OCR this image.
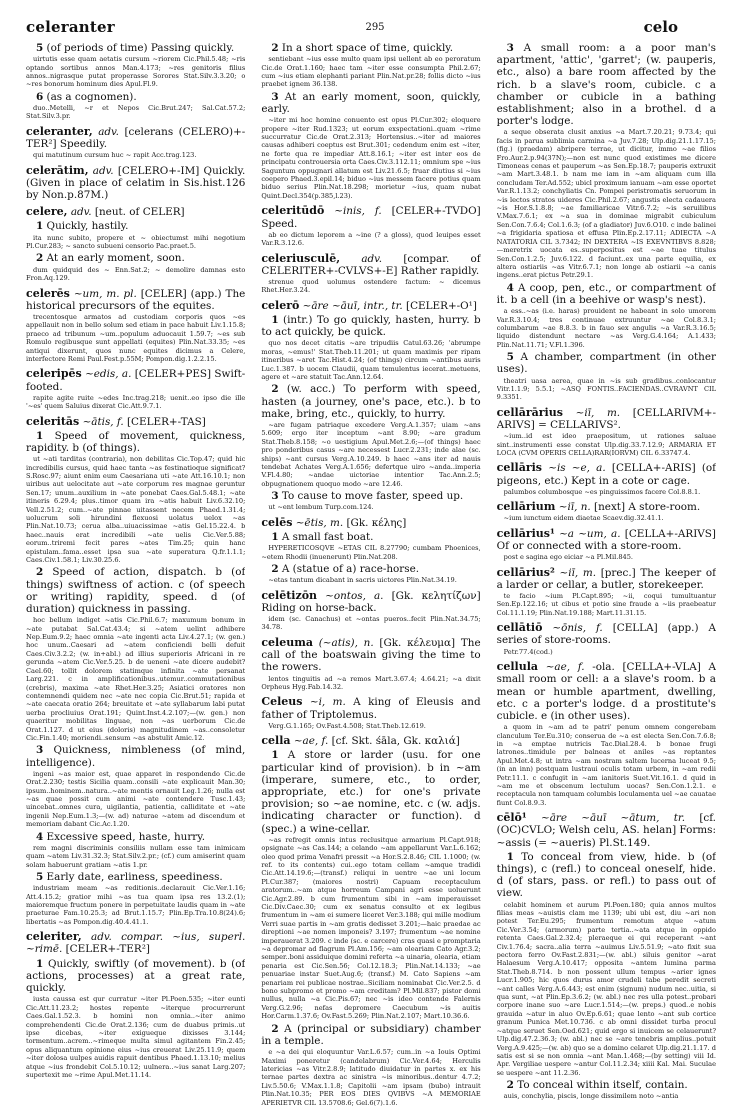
celeranter	295	celo

5 (of periods of time) Passing quickly.

uirtutis esse quam aetatis cursum ~riorem Cic.Phil.5.48; ~ris optando sortibus annos Man.4.173; ~res genitoris filius annos..nigrasque putat properasse Sorores Stat.Silv.3.3.20; o ~res bonorum hominum dies Apul.Fl.9.

6 (as a cognomen).

duo..Metelli, ~r et Nepos Cic.Brut.247; Sal.Cat.57.2; Stat.Silv.3.pr.

celeranter, adv. [celerans (CELERO)+-TER²] Speedily.

qui matutinum cursum huc ~ rapit Acc.trag.123.

celerātim, adv. [CELERO+-IM] Quickly. (Given in place of celatim in Sis.hist.126 by Non.p.87M.)

celere, adv. [neut. of CELER]

1 Quickly, hastily.

ita nunc subito, propere et ~ obiectumst mihi negotium Pl.Cur.283; ~ sancto subueni censorio Pac.praet.5.

2 At an early moment, soon.

dum quidquid des ~ Enn.Sat.2; ~ demolire damnas esto Fron.Aq.129.

celerēs ~um, m. pl. [CELER] (app.) The historical precursors of the equites.

trecentosque armatos ad custodiam corporis quos ~es appellauit non in bello solum sed etiam in pace habuit Liv.1.15.8; praeco ad tribunum ~um..populum aduocauit 1.59.7; ~es sub Romulo regibusque sunt appellati (equites) Plin.Nat.33.35; ~es antiqui dixerunt, quos nunc equites dicimus a Celere, interfectore Remi Paul.Fest.p.55M; Pompon.dig.1.2.2.15.

celeripēs ~edis, a. [CELER+PES] Swift-footed.

rapite agite ruite ~edes Inc.trag.218; uenit..eo ipso die ille '~es' quem Saluius dixerat Cic.Att.9.7.1.

celeritās ~ātis, f. [CELER+-TAS]

1 Speed of movement, quickness, rapidity. b (of things).

ut ~ati tarditas (contraria), non debilitas Cic.Top.47; quid hic incredibilis cursus, quid haec tanta ~as festinatioque significat? S.Rosc.97; aiunt enim eum Caesariana uti ~ate Att.16.10.1; non uiribus aut uelocitate aut ~ate corporum res magnae geruntur Sen.17; unum..auxilium in ~ate ponebat Caes.Gal.5.48.1; ~ate itineris 6.29.4; plus..timor quam ira ~atis habuit Liv.6.32.10; Vell.2.51.2; cum..~ate pinnae uitassent necem Phaed.1.31.4; uolucrum soli hirundini flexuosi uolatus uelox ~as Plin.Nat.10.73; ceruа alba..uiuacissimae ~atis Gel.15.22.4. b haec..nauis erat incredibili ~ate uelis Cic.Ver.5.88; eorum..triremi fecit pares ~ates Tim.25; quin hanc epistulam..fama..esset ipsa sua ~ate superatura Q.fr.1.1.1; Caes.Civ.1.58.1; Liv.30.25.6.

2 Speed of action, dispatch. b (of things) swiftness of action. c (of speech or writing) rapidity, speed. d (of duration) quickness in passing.

hoc bellum indiget ~atis Cic.Phil.6.7; maxumum bonum in ~ate putabat Sal.Cat.43.4; si ~atem uelint adhibere Nep.Eum.9.2; haec omnia ~ate ingenti acta Liv.4.27.1; (w. gen.) hoc unum..Caesari ad ~atem conficiendi belli defuit Caes.Civ.3.2.2; (w. in+abl.) ad illius superioris Africani in re gerunda ~atem Cic.Ver.5.25. b de ueneni ~ate dicere audebit? Cael.60; tollit dolorem statimque infinita ~ate persanat Larg.221. c in amplificationibus..utemur..commutationibus (crebris), maxima ~ate Rhet.Her.3.25; Asiatici oratores non contemnendi quidem nec ~ate nec copia Cic.Brut.51; rapida et ~ate caecata oratio 264; breuitate et ~ate syllabarum labi putat uerba procliuius Orat.191; Quint.Inst.4.2.107;—(w. gen.) non quaeritur mobilitas linguae, non ~as uerborum Cic.de Orat.1.127. d ut eius (doloris) magnitudinem ~as..consoletur Cic.Fin.1.40; moriendi..sensum ~as abstulit Amic.12.

3 Quickness, nimbleness (of mind, intelligence).

ingeni ~as maior est, quae apparet in respondendo Cic.de Orat.2.230; testis Sicilia quam..consili ~ate explicauit Man.30; ipsum..hominem..natura..~ate mentis ornauit Leg.1.26; nulla est ~as quae possit cum animi ~ate contendere Tusc.1.43; uincebat..omnes cura, uigilantia, patientia, calliditate et ~ate ingenii Nep.Eum.1.3;—(w. ad) naturae ~atem ad discendum et memoriam dabant Cic.Ac.1.20.

4 Excessive speed, haste, hurry.

rem magni discriminis consiliis nullam esse tam inimicam quam ~atem Liv.31.32.3; Stat.Silv.2.pr.; (cf.) cum amiserint quam solam habuerunt gratiam ~atis 1.pr.

5 Early date, earliness, speediness.

industriam meam ~as reditionis..declarauit Cic.Ver.1.16; Att.4.15.2; gratior mihi ~as tua quam ipsa res 13.2.(1); maioremque fructum ponere in perpetuitate laudis quam in ~ate praeturae Fam.10.25.3; ad Brut.1.15.7; Plin.Ep.Tra.10.8(24).6; libertatis ~as Pompon.dig.40.4.41.1.

celeriter, adv. compar. ~ius, superl. ~rimē. [CELER+-TER²]

1 Quickly, swiftly (of movement). b (of actions, processes) at a great rate, quickly.

iusta caussa est qur curratur ~iter Pl.Poen.535; ~iter eunti Cic.Att.11.23.2; hostes repente ~iterque procurrerunt Caes.Gal.1.52.3. b homini non omnia..~iter animo comprehendenti Cic.de Orat.2.136; cum de duabus primis..ut ipse dicebas, ~iter exigueque dixisses 3.144; tormentum..acrem..~rimeque multa simul agitantem Fin.2.45; opus aliquantum opinione eius ~ius creuerat Liv.25.11.9; quem ~iter dolosa uulpes auidis rapuit dentibus Phaed.1.13.10; melius atque ~ius frondebit Col.5.10.12; uulnera..~ius sanat Larg.207; supertexit me ~rime Apul.Met.11.14.

2 In a short space of time, quickly.

sentiebant ~ius esse multo quam ipsi uellent ab eo peroratum Cic.de Orat.1.160; haec tam ~iter esse consumpta Phil.2.67; cum ~ius etiam elephanti pariant Plin.Nat.pr.28; follis dicto ~ius praebet ignem 36.138.

3 At an early moment, soon, quickly, early.

~iter mi hoc homine conuento est opus Pl.Cur.302; eloquere propere ~iter Rud.1323; ut eorum exspectationi..quam ~rime succurratur Cic.de Orat.2.313; Hortensius..~iter ad maiores causas adhiberi coeptus est Brut.301; cedendum enim est ~iter, ne forte qua re impediar Att.8.16.1; ~iter est inter eos de principatu controuersia orta Caes.Civ.3.112.11; omnium spe ~ius Saguntum oppugnari allatum est Liv.21.6.5; fruar diutius si ~ius coepero Phaed.3.epil.14; biduo ~ius messem facere potius quam biduo serius Plin.Nat.18.298; morietur ~ius, quam nubat Quint.Decl.354(p.385,l.23).

celeritūdō ~inis, f. [CELER+-TVDO] Speed.

ab eo dictum leporem a ~ine (? a gloss), quod leuipes esset Var.R.3.12.6.

celeriusculē, adv. [compar. of CELERITER+-CVLVS+-E] Rather rapidly.

strenue quod uolumus ostendere factum: ~ dicemus Rhet.Her.3.24.

celerō ~āre ~āuī, intr., tr. [CELER+-O¹]

1 (intr.) To go quickly, hasten, hurry. b to act quickly, be quick.

quo nos decet citatis ~are tripudiis Catul.63.26; 'abrumpe moras, ~emus!' Stat.Theb.11.201; ut quam maximis per ripam itineribus ~aret Tac.Hist.4.24; (of things) circum ~antibus auris Luc.1.387. b uocem Claudii, quam temulentus iecerat..metuens, agere et ~are statuit Tac.Ann.12.64.

2 (w. acc.) To perform with speed, hasten (a journey, one's pace, etc.). b to make, bring, etc., quickly, to hurry.

~are fugam patriaque excedere Verg.A.1.357; uiam ~ans 5.609; ergo iter inceptum ~ant 8.90; ~are gradum Stat.Theb.8.158; ~o uestigium Apul.Met.2.6;—(of things) haec pro ponderibus casus ~are necessest Lucr.2.231; inde alae (sc. ships) ~ant cursus Verg.A.10.249. b haec ~ans iter ad nauis tendebat Achates Verg.A.1.656; defertque uiro ~anda..imperia V.Fl.4.80; ~andae uictoriae intentior Tac.Ann.2.5; obpugnationem quoquo modo ~are 12.46.

3 To cause to move faster, speed up.

ut ~ent lembum Turp.com.124.

celēs ~ētis, m. [Gk. κέλης]

1 A small fast boat.

HYPERETICOSQVE ~ETAS CIL 8.27790; cumbam Phoenices, ~etem Rhodii (inuenerunt) Plin.Nat.208.

2 A (statue of a) race-horse.

~etas tantum dicabant in sacris uictores Plin.Nat.34.19.

celētizōn ~ontos, a. [Gk. κελητίζων] Riding on horse-back.

idem (sc. Canachus) et ~ontas pueros..fecit Plin.Nat.34.75; 34.78.

celeuma (~atis), n. [Gk. κέλευμα] The call of the boatswain giving the time to the rowers.

lentos tinguitis ad ~a remos Mart.3.67.4; 4.64.21; ~a dixit Orpheus Hyg.Fab.14.32.

Celeus ~i, m. A king of Eleusis and father of Triptolemus.

Verg.G.1.165; Ov.Fast.4.508; Stat.Theb.12.619.

cella ~ae, f. [cf. Skt. śāla, Gk. καλιά]

1 A store or larder (usu. for one particular kind of provision). b in ~am (imperare, sumere, etc., to order, appropriate, etc.) for one's private provision; so ~ae nomine, etc. c (w. adjs. indicating character or function). d (spec.) a wine-cellar.

~as refregit omnis intus reclusitque armarium Pl.Capt.918; opsignate ~as Cas.144; a celando ~am appellarunt Var.L.6.162; oleo quod prima Venafri pressit ~a Hor.S.2.8.46; CIL 1.1000; (w. ref. to its contents) cui..ego totam cellam ~amque tradidi Cic.Att.14.19.6;—(transf.) reliqui in uentre ~ae uni locum Pl.Cur.387; (maiores nostri) Capuam receptaculum aratorum..~am atque horreum Campani agri esse uoluerunt Cic.Agr.2.89. b cum frumentum sibi in ~am imperauisset Cic.Div.Caec.30; cum ex senatus consulto et ex legibus frumentum in ~am ei sumere liceret Ver.3.188; qui mille modium Verri suae partis in ~am gratis dedisset 3.201;—haic praedae ac direptioni ~ae nomen imponeis? 3.197; frumentum ~ae nomine imperauerat 3.209. c inde (sc. e carcere) cras quasi e promptaria ~a depromar ad flagrum Pl.Am.156; ~am oleariam Cato Agr.3.2; semper..boni assiduique domini referta ~a uinaria, olearia, etiam penaria est Cic.Sen.56; Col.12.18.3; Plin.Nat.14.133; ~ae penuariae instar Suet.Aug.6; (transf.) M. Cato Sapiens ~am penariam rei publicae nostrae..Siciliam nominabat Cic.Ver.2.5. d bono subpromo et promo ~am creditam? Pl.Mil.837; pistor domi nullus, nulla ~a Cic.Pis.67; nec ~is ideo contende Falernis Verg.G.2.96; nefas depromere Caecubum ~is auitis Hor.Carm.1.37.6; Ov.Fast.5.269; Plin.Nat.2.107; Mart.10.36.6.

2 A (principal or subsidiary) chamber in a temple.

e ~a dei qui eloquuntur Var.L.6.57; cum..in ~a Iouis Optimi Maximi poneretur (candelabrum) Cic.Ver.4.64; Herculis latericias ~as Vitr.2.8.9; latitudo diuidatur in partes x. ex his ternae partes dextra ac sinistra ~is minoribus..dentur 4.7.2; Liv.5.50.6; V.Max.1.1.8; Capitolii ~am ipsam (bubo) intrauit Plin.Nat.10.35; PER EOS DIES QVIBVS ~A MEMORIAE APERIETVR CIL 13.5708.6; Gel.6(7).1.6.

3 A small room: a a poor man's apartment, 'attic', 'garret'; (w. pauperis, etc., also) a bare room affected by the rich. b a slave's room, cubicle. c a chamber or cubicle in a bathing establishment; also in a brothel. d a porter's lodge.

a seque obserata clusit anxius ~a Mart.7.20.21; 9.73.4; qui facis in parua sublimia carmina ~a Juv.7.28; Ulp.dig.21.1.17.15; (fig.) (praedam) abripere terrae, ut dicitur, immo ~ae filios Fro.Aur.2.p.94(37N);—non est nunc quod existimes me dicere Timoneas cenas et pauperum ~as Sen.Ep.18.7; pauperis extruxit ~am Mart.3.48.1. b nam me iam in ~am aliquam cum illa concludam Ter.Ad.552; ubicl proximum ianuam ~am esse oportet Var.R.1.13.2; conchyliatis Cn. Pompei peristromatis seruorum in ~is lectos stratos uideres Cic.Phil.2.67; angustis electa cadauera ~is Hor.S.1.8.8; ~ae familiaricae Vitr.6.7.2; ~is seruilibus V.Max.7.6.1; ex ~a sua in dominae migrabit cubiculum Sen.Con.7.6.4; Col.1.6.3; (of a gladiator) Juv.6.O10. c inde balinei ~a frigidaria spatiosa et effusa Plin.Ep.2.17.11; ADIECTA ~A NATATORIA CIL 3.7342; IN DEXTERA ~IS EXEVNTIBVS 8.828;—meretrix uocata es..superpositus est ~ae tuae titulus Sen.Con.1.2.5; Juv.6.122. d faciunt..ex una parte equilia, ex altera ostiariis ~as Vitr.6.7.1; non longe ab ostiarii ~a canis ingens..erat pictus Petr.29.1.

4 A coop, pen, etc., or compartment of it. b a cell (in a beehive or wasp's nest).

a ess..~as (i.e. haras) prouident ne habeant in solo umorem Var.R.3.10.4; tres continuae extruuntur ~ae Col.8.3.1; columbarum ~ae 8.8.3. b in fauo sex angulis ~a Var.R.3.16.5; liquido distendunt nectare ~as Verg.G.4.164; A.1.433; Plin.Nat.11.71; V.Fl.1.396.

5 A chamber, compartment (in other uses).

theatri uasa aerea, quae in ~is sub gradibus..conlocantur Vitr.1.1.9; 5.5.1; ~ASQ FONTIS..FACIENDAS..CVRAVNT CIL 9.3351.

cellārārius ~iī, m. [CELLARIVM+-ARIVS] = CELLARIVS².

~ium..id est ideo praepositum, ut rationes saluae sint..instrumenti esse constat Ulp.dig.33.7.12.9; ARMARIA ET LOCA (CVM OPERIS CELLA)RAR(IORVM) CIL 6.33747.4.

cellāris ~is ~e, a. [CELLA+-ARIS] (of pigeons, etc.) Kept in a cote or cage.

palumbos columbosque ~es pinguissimos facere Col.8.8.1.

cellārium ~iī, n. [next] A store-room.

~ium iunctum eidem diaetae Scaev.dig.32.41.1.

cellārius¹ ~a ~um, a. [CELLA+-ARIVS] Of or connected with a store-room.

post e sagina ego eiciar ~a Pl.Mil.845.

cellārius² ~iī, m. [prec.] The keeper of a larder or cellar, a butler, storekeeper.

te facio ~ium Pl.Capt.895; ~ii, coqui tumultuantur Sen.Ep.122.16; ut cibus et potio sine fraude a ~iis praebeatur Col.11.1.19; Plin.Nat.19.188; Mart.11.31.15.

cellātiō ~ōnis, f. [CELLA] (app.) A series of store-rooms.

Petr.77.4(cod.)

cellula ~ae, f. -ola. [CELLA+-VLA] A small room or cell: a a slave's room. b a mean or humble apartment, dwelling, etc. c a porter's lodge. d a prostitute's cubicle. e (in other uses).

a quom in ~am ad te patri' penum omnem congerebam clanculum Ter.Eu.310; conserua de ~a est electa Sen.Con.7.6.8; in ~a emptae nutricis Tac.Dial.28.4. b bonae frugi latrones..timidule per balneas et aniles ~as reptantes Apul.Met.4.8; ut intra ~am nostram saltem lucerna luceat 9.5; (in an inn) postquam lustraui oculis totam urbem, in ~am redii Petr.11.1. c confugit in ~am ianitoris Suet.Vit.16.1. d quid in ~am me et obscenum lectulum uocas? Sen.Con.1.2.1. e receptacula non tamquam columbis loculamenta uel ~ae cauatae fiunt Col.8.9.3.

cēlō¹ ~āre ~āuī ~ātum, tr. [cf. (OC)CVLO; Welsh celu, AS. helan] Forms: ~assis (= ~aueris) Pl.St.149.

1 To conceal from view, hide. b (of things), c (refl.) to conceal oneself, hide. d (of stars, pass. or refl.) to pass out of view.

celabit hominem et aurum Pl.Poen.180; quia annos multos filias meas ~auistis clam me 1139; ubi ubi est, diu ~ari non potest Ter.Eu.295; frumentum remotum atque ~atum Cic.Ver.3.54; (armorum) parte tertia..~ata atque in oppido retenta Caes.Gal.2.32.4; pleraeque ei qui receperant ~ant Civ.1.76.4; sacra..alia terra ~auimus Liv.5.51.9; ~ato fixit sua pectora ferro Ov.Fast.2.831;—(w. abl.) siluis genitor ~arat Halaesum Verg.A.10.417; opposita ~antem lumina parma Stat.Theb.8.714. b non possent ullum tempus ~arier ignes Lucr.1.905; hic quos durus amor crudeli tabe peredit secreti ~ant calles Verg.A.6.443; est enim (signum) nudum nec..uitia, si qua sunt, ~at Plin.Ep.3.6.2; (w. abl.) nec res ulla potest..probari corpore inane suo ~are Lucr.1.514;—(w. preps.) quod..e nobis grauida ~atur in aluo Ov.Ep.6.61; quae lento ~ant sub cortice granum Punica Met.10.736. c ab omni dissidet turba procul ~atque seruet Sen.Oed.621; quid ergo si inuicem se celauerunt? Ulp.dig.47.2.36.3; (w. abl.) nec se ~are tenebris amplius..potuit Verg.A.9.425;—(w. ab) quo se a domino celaret Ulp.dig.21.1.17. d satis est si se non omnia ~ant Man.1.468;—(by setting) viii Id. Apr. Vergiliae uespere ~antur Col.11.2.34; xiiii Kal. Mai. Suculae se uespere ~ant 11.2.36.

2 To conceal within itself, contain.

auis, conchylia, piscis, longe dissimilem noto ~antia
